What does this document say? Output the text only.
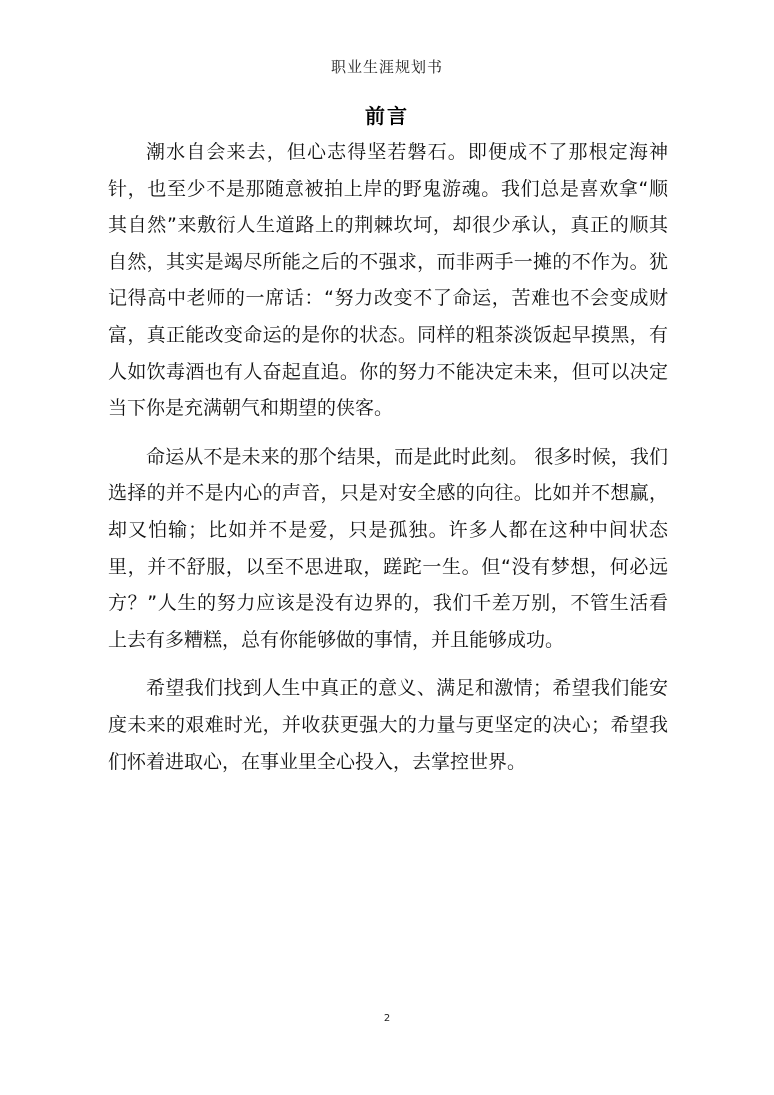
职业生涯规划书
前言

潮水自会来去，但心志得坚若磐石。即便成不了那根定海神针，也至少不是那随意被拍上岸的野鬼游魂。我们总是喜欢拿“顺其自然”来敷衍人生道路上的荆棘坎坷，却很少承认，真正的顺其自然，其实是竭尽所能之后的不强求，而非两手一摊的不作为。犹记得高中老师的一席话：“努力改变不了命运，苦难也不会变成财富，真正能改变命运的是你的状态。同样的粗茶淡饭起早摸黑，有人如饮毒酒也有人奋起直追。你的努力不能决定未来，但可以决定当下你是充满朝气和期望的侠客。

命运从不是未来的那个结果，而是此时此刻。 很多时候，我们选择的并不是内心的声音，只是对安全感的向往。比如并不想赢，却又怕输；比如并不是爱，只是孤独。许多人都在这种中间状态里，并不舒服，以至不思进取，蹉跎一生。但“没有梦想，何必远方？”人生的努力应该是没有边界的，我们千差万别，不管生活看上去有多糟糕，总有你能够做的事情，并且能够成功。

希望我们找到人生中真正的意义、满足和激情；希望我们能安度未来的艰难时光，并收获更强大的力量与更坚定的决心；希望我们怀着进取心，在事业里全心投入，去掌控世界。

2
